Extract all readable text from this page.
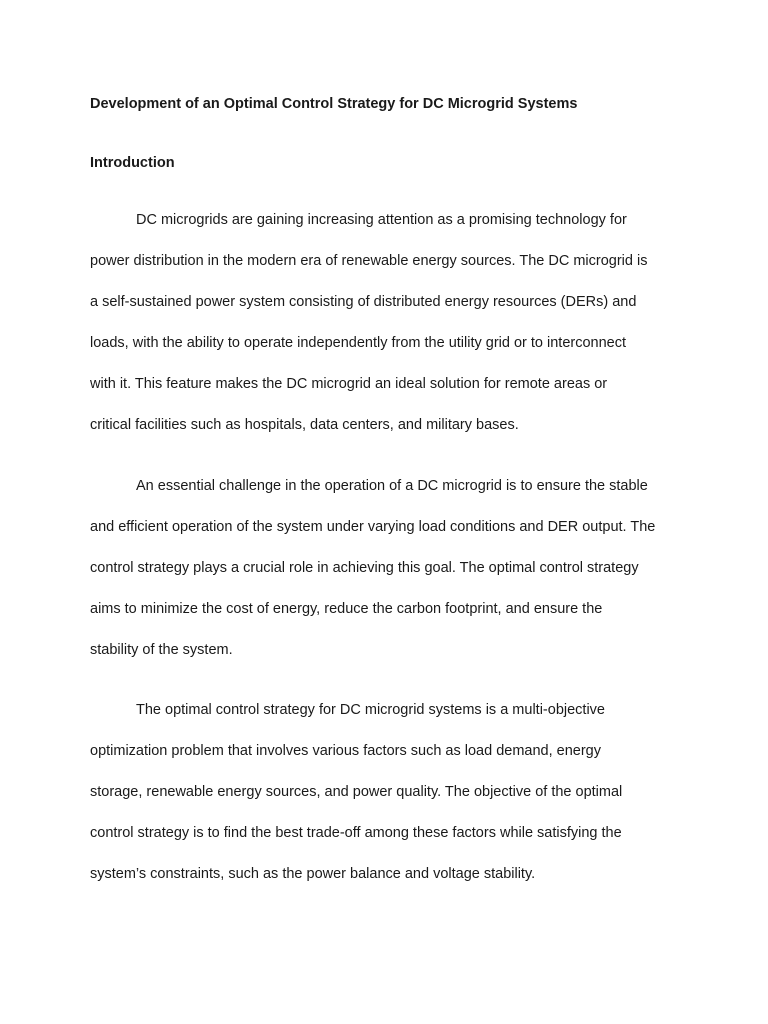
Development of an Optimal Control Strategy for DC Microgrid Systems
Introduction
DC microgrids are gaining increasing attention as a promising technology for
power distribution in the modern era of renewable energy sources. The DC microgrid is
a self-sustained power system consisting of distributed energy resources (DERs) and
loads, with the ability to operate independently from the utility grid or to interconnect
with it. This feature makes the DC microgrid an ideal solution for remote areas or
critical facilities such as hospitals, data centers, and military bases.
An essential challenge in the operation of a DC microgrid is to ensure the stable
and efficient operation of the system under varying load conditions and DER output. The
control strategy plays a crucial role in achieving this goal. The optimal control strategy
aims to minimize the cost of energy, reduce the carbon footprint, and ensure the
stability of the system.
The optimal control strategy for DC microgrid systems is a multi-objective
optimization problem that involves various factors such as load demand, energy
storage, renewable energy sources, and power quality. The objective of the optimal
control strategy is to find the best trade-off among these factors while satisfying the
system’s constraints, such as the power balance and voltage stability.
